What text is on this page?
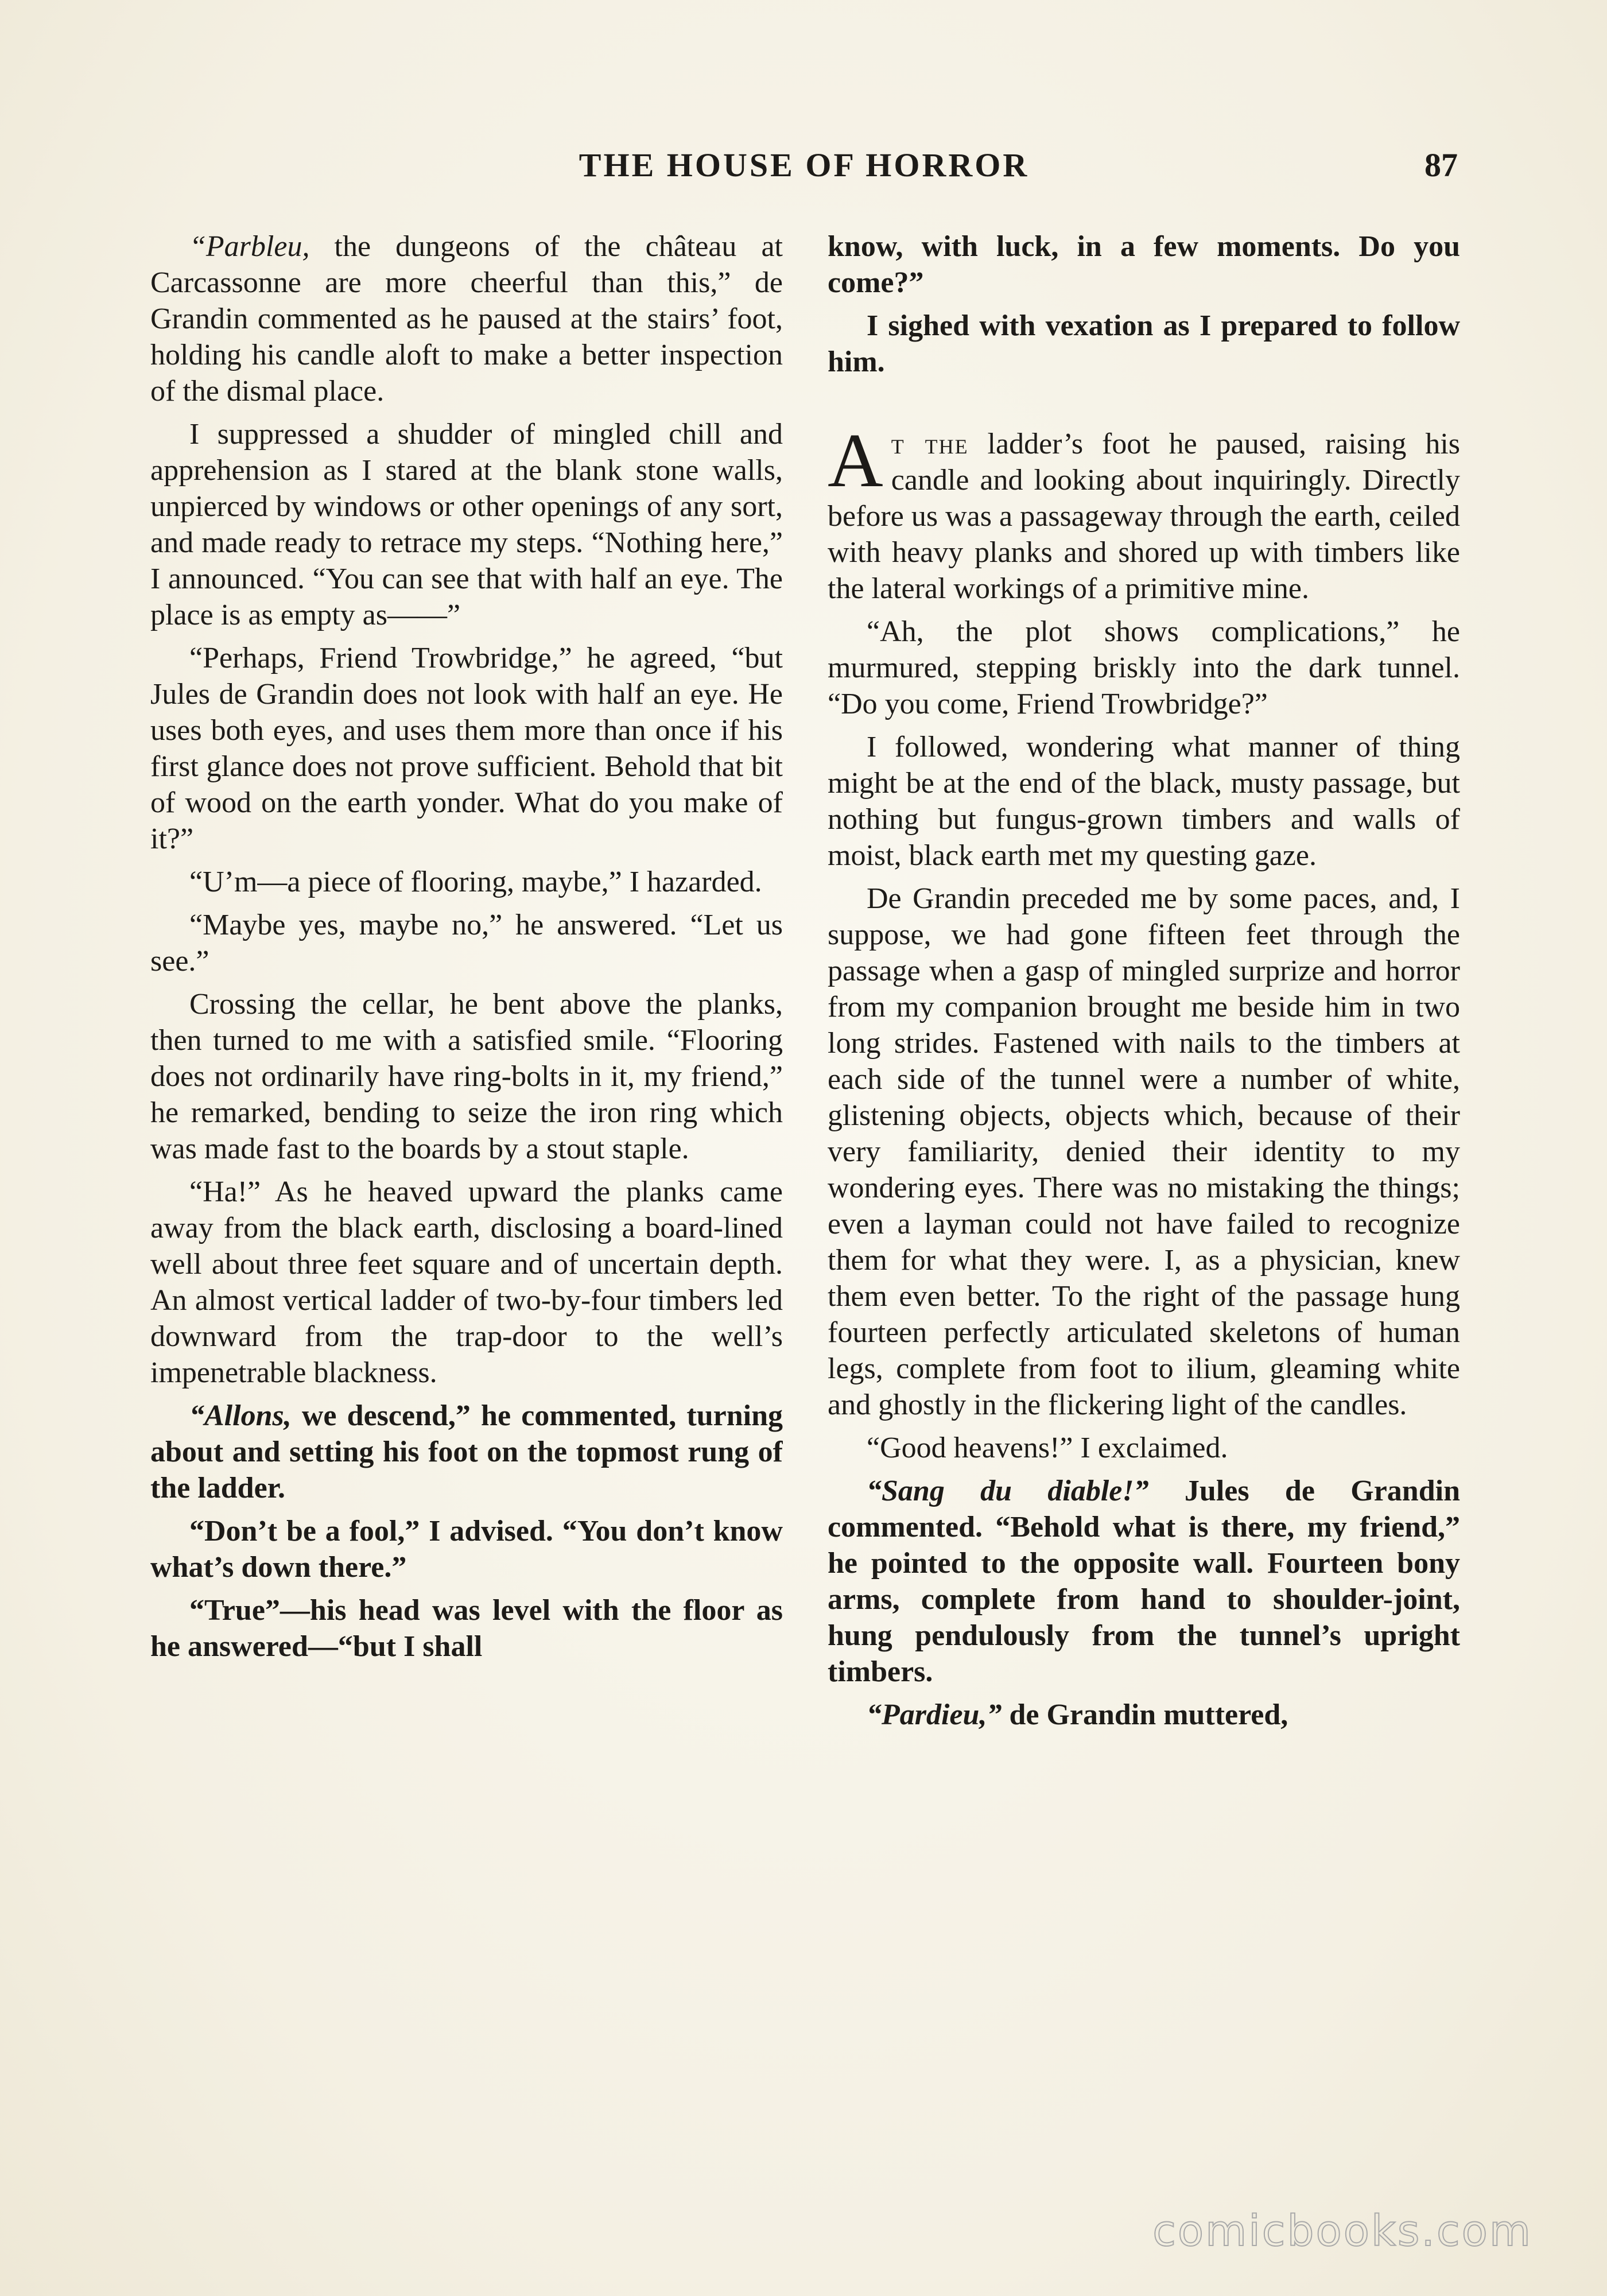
THE HOUSE OF HORROR	87

“Parbleu, the dungeons of the château at Carcassonne are more cheerful than this,” de Grandin commented as he paused at the stairs’ foot, holding his candle aloft to make a better inspection of the dismal place.

I suppressed a shudder of mingled chill and apprehension as I stared at the blank stone walls, unpierced by windows or other openings of any sort, and made ready to retrace my steps. “Nothing here,” I announced. “You can see that with half an eye. The place is as empty as——”

“Perhaps, Friend Trowbridge,” he agreed, “but Jules de Grandin does not look with half an eye. He uses both eyes, and uses them more than once if his first glance does not prove sufficient. Behold that bit of wood on the earth yonder. What do you make of it?”

“U’m—a piece of flooring, maybe,” I hazarded.

“Maybe yes, maybe no,” he answered. “Let us see.”

Crossing the cellar, he bent above the planks, then turned to me with a satisfied smile. “Flooring does not ordinarily have ring-bolts in it, my friend,” he remarked, bending to seize the iron ring which was made fast to the boards by a stout staple.

“Ha!” As he heaved upward the planks came away from the black earth, disclosing a board-lined well about three feet square and of uncertain depth. An almost vertical ladder of two-by-four timbers led downward from the trap-door to the well’s impenetrable blackness.

“Allons, we descend,” he commented, turning about and setting his foot on the topmost rung of the ladder.

“Don’t be a fool,” I advised. “You don’t know what’s down there.”

“True”—his head was level with the floor as he answered—“but I shall

know, with luck, in a few moments. Do you come?”

I sighed with vexation as I prepared to follow him.

At the ladder’s foot he paused, raising his candle and looking about inquiringly. Directly before us was a passageway through the earth, ceiled with heavy planks and shored up with timbers like the lateral workings of a primitive mine.

“Ah, the plot shows complications,” he murmured, stepping briskly into the dark tunnel. “Do you come, Friend Trowbridge?”

I followed, wondering what manner of thing might be at the end of the black, musty passage, but nothing but fungus-grown timbers and walls of moist, black earth met my questing gaze.

De Grandin preceded me by some paces, and, I suppose, we had gone fifteen feet through the passage when a gasp of mingled surprize and horror from my companion brought me beside him in two long strides. Fastened with nails to the timbers at each side of the tunnel were a number of white, glistening objects, objects which, because of their very familiarity, denied their identity to my wondering eyes. There was no mistaking the things; even a layman could not have failed to recognize them for what they were. I, as a physician, knew them even better. To the right of the passage hung fourteen perfectly articulated skeletons of human legs, complete from foot to ilium, gleaming white and ghostly in the flickering light of the candles.

“Good heavens!” I exclaimed.

“Sang du diable!” Jules de Grandin commented. “Behold what is there, my friend,” he pointed to the opposite wall. Fourteen bony arms, complete from hand to shoulder-joint, hung pendulously from the tunnel’s upright timbers.

“Pardieu,” de Grandin muttered,

comicbooks.com
